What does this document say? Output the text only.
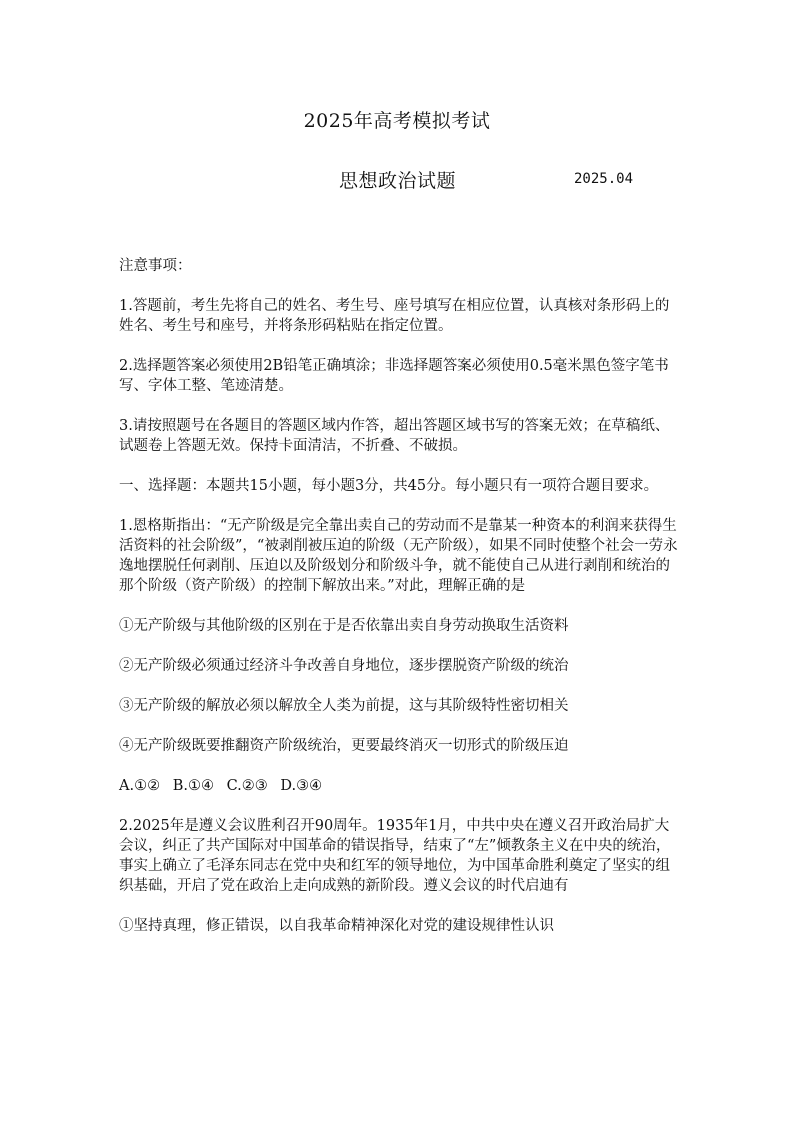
2025年高考模拟考试
思想政治试题	2025.04

注意事项：

1.答题前，考生先将自己的姓名、考生号、座号填写在相应位置，认真核对条形码上的姓名、考生号和座号，并将条形码粘贴在指定位置。

2.选择题答案必须使用2B铅笔正确填涂；非选择题答案必须使用0.5毫米黑色签字笔书写、字体工整、笔迹清楚。

3.请按照题号在各题目的答题区域内作答，超出答题区域书写的答案无效；在草稿纸、试题卷上答题无效。保持卡面清洁，不折叠、不破损。

一、选择题：本题共15小题，每小题3分，共45分。每小题只有一项符合题目要求。

1.恩格斯指出：“无产阶级是完全靠出卖自己的劳动而不是靠某一种资本的利润来获得生活资料的社会阶级”，“被剥削被压迫的阶级（无产阶级），如果不同时使整个社会一劳永逸地摆脱任何剥削、压迫以及阶级划分和阶级斗争，就不能使自己从进行剥削和统治的那个阶级（资产阶级）的控制下解放出来。”对此，理解正确的是

①无产阶级与其他阶级的区别在于是否依靠出卖自身劳动换取生活资料

②无产阶级必须通过经济斗争改善自身地位，逐步摆脱资产阶级的统治

③无产阶级的解放必须以解放全人类为前提，这与其阶级特性密切相关

④无产阶级既要推翻资产阶级统治，更要最终消灭一切形式的阶级压迫

A.①② B.①④ C.②③ D.③④

2.2025年是遵义会议胜利召开90周年。1935年1月，中共中央在遵义召开政治局扩大会议，纠正了共产国际对中国革命的错误指导，结束了“左”倾教条主义在中央的统治，事实上确立了毛泽东同志在党中央和红军的领导地位，为中国革命胜利奠定了坚实的组织基础，开启了党在政治上走向成熟的新阶段。遵义会议的时代启迪有

①坚持真理，修正错误，以自我革命精神深化对党的建设规律性认识
